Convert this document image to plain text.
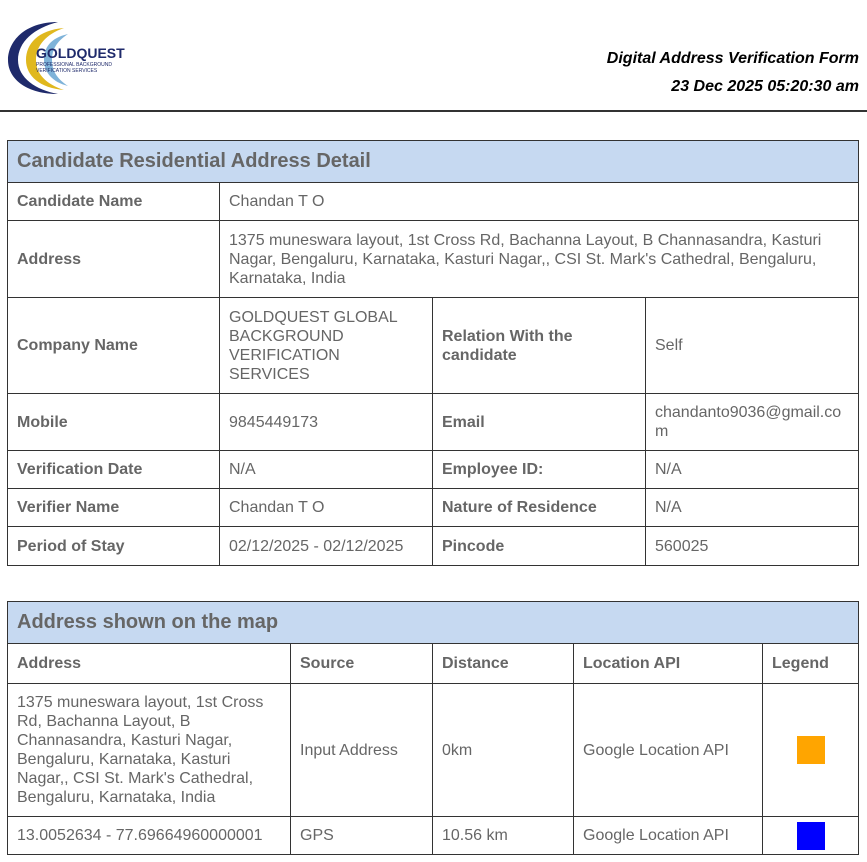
GOLDQUEST
PROFESSIONAL BACKGROUND
VERIFICATION SERVICES
Digital Address Verification Form
23 Dec 2025 05:20:30 am
Candidate Residential Address Detail			
Candidate Name	Chandan T O		
Address	1375 muneswara layout, 1st Cross Rd, Bachanna Layout, B Channasandra, Kasturi Nagar, Bengaluru, Karnataka, Kasturi Nagar,, CSI St. Mark's Cathedral, Bengaluru, Karnataka, India		
Company Name	GOLDQUEST GLOBAL BACKGROUND VERIFICATION SERVICES	Relation With the candidate	Self
Mobile	9845449173	Email	chandanto9036@gmail.com
Verification Date	N/A	Employee ID:	N/A
Verifier Name	Chandan T O	Nature of Residence	N/A
Period of Stay	02/12/2025 - 02/12/2025	Pincode	560025
Address shown on the map				
Address	Source	Distance	Location API	Legend
1375 muneswara layout, 1st Cross Rd, Bachanna Layout, B Channasandra, Kasturi Nagar, Bengaluru, Karnataka, Kasturi Nagar,, CSI St. Mark's Cathedral, Bengaluru, Karnataka, India	Input Address	0km	Google Location API	

13.0052634 - 77.69664960000001	GPS	10.56 km	Google Location API	
